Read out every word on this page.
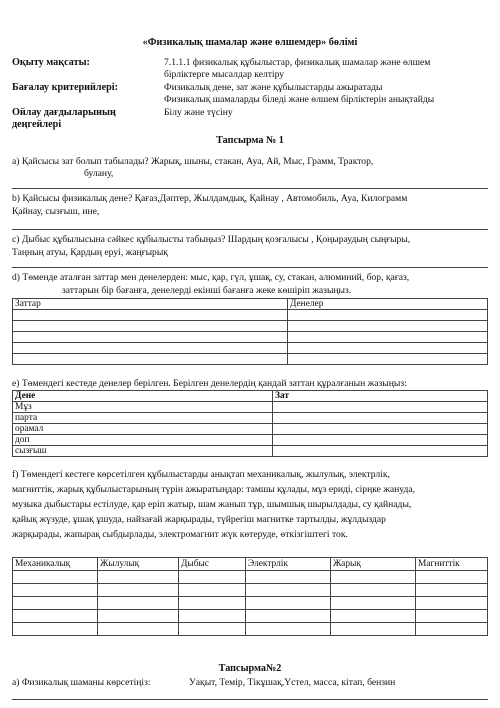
«Физикалық шамалар және өлшемдер» бөлімі
Оқыту мақсаты:	7.1.1.1 физикалық құбылыстар, физикалық шамалар және өлшем
бірліктерге мысалдар келтіру
Бағалау критерийлері:	Физикалық дене, зат және құбылыстарды ажыратады
Физикалық шамаларды біледі және өлшем бірліктерін анықтайды
Ойлау дағдыларының
деңгейлері
Білу және түсіну
Тапсырма № 1
а) Қайсысы зат болып табылады? Жарық, шыны, стакан, Ауа, Ай, Мыс, Грамм, Трактор,
булану,
b) Қайсысы физикалық дене? Қағаз,Дәптер, Жылдамдық, Қайнау , Автомобиль, Ауа, Килограмм
Қайнау, сызғыш, ине,
c) Дыбыс құбылысына сәйкес құбылысты табыңыз? Шардың қозғалысы , Қоңыраудың сыңғыры,
Таңның атуы, Қардың еруі, жаңғырық
d) Төменде аталған заттар мен денелерден: мыс, қар, гүл, ұшақ, су, стакан, алюминий, бор, қағаз,
заттарын бір бағанға, денелерді екінші бағанға жеке көшіріп жазыңыз.
Заттар	Денелер

e) Төмендегі кестеде денелер берілген. Берілген денелердің қандай заттан құралғанын жазыңыз:
Дене	Зат
Мұз	
парта	
орамал	
доп	
сызғыш	
f) Төмендегі кестеге көрсетілген құбылыстарды анықтап механикалық, жылулық, электрлік,
магниттік, жарық құбылыстарының түрін ажыратыңдар: тамшы құлады, мұз ериді, сірңке жануда,
музыка дыбыстары естілуде, қар еріп жатыр, шам жанып тұр, шымшық шырылдады, су қайнады,
қайық жүзуде, ұшақ ұшуда, найзағай жарқырады, түйрегіш магнитке тартылды, жұлдыздар
жарқырады, жапырақ сыбдырлады, электромагнит жүк көтеруде, өткізгіштегі ток.
Механикалық	Жылулық	Дыбыс	Электрлік	Жарық	Магниттік

Тапсырма№2
а) Физикалық шаманы көрсетіңіз:	Уақыт, Темір, Тікұшақ,Үстел, масса, кітап, бензин
